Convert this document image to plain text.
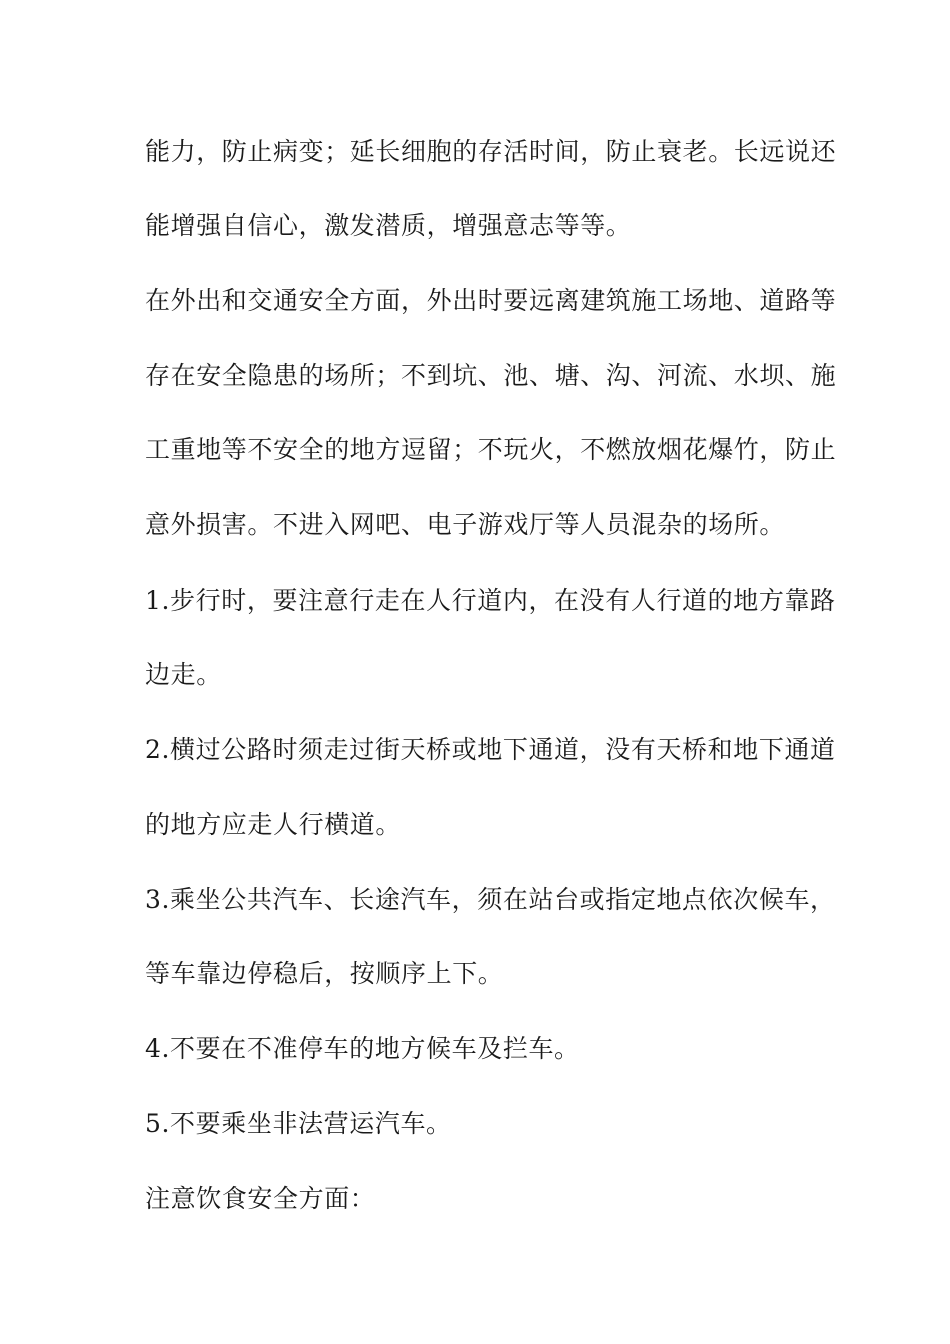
能力，防止病变；延长细胞的存活时间，防止衰老。长远说还
能增强自信心，激发潜质，增强意志等等。
在外出和交通安全方面，外出时要远离建筑施工场地、道路等
存在安全隐患的场所；不到坑、池、塘、沟、河流、水坝、施
工重地等不安全的地方逗留；不玩火，不燃放烟花爆竹，防止
意外损害。不进入网吧、电子游戏厅等人员混杂的场所。
1.步行时，要注意行走在人行道内，在没有人行道的地方靠路
边走。
2.横过公路时须走过街天桥或地下通道，没有天桥和地下通道
的地方应走人行横道。
3.乘坐公共汽车、长途汽车，须在站台或指定地点依次候车，
等车靠边停稳后，按顺序上下。
4.不要在不准停车的地方候车及拦车。
5.不要乘坐非法营运汽车。
注意饮食安全方面：
